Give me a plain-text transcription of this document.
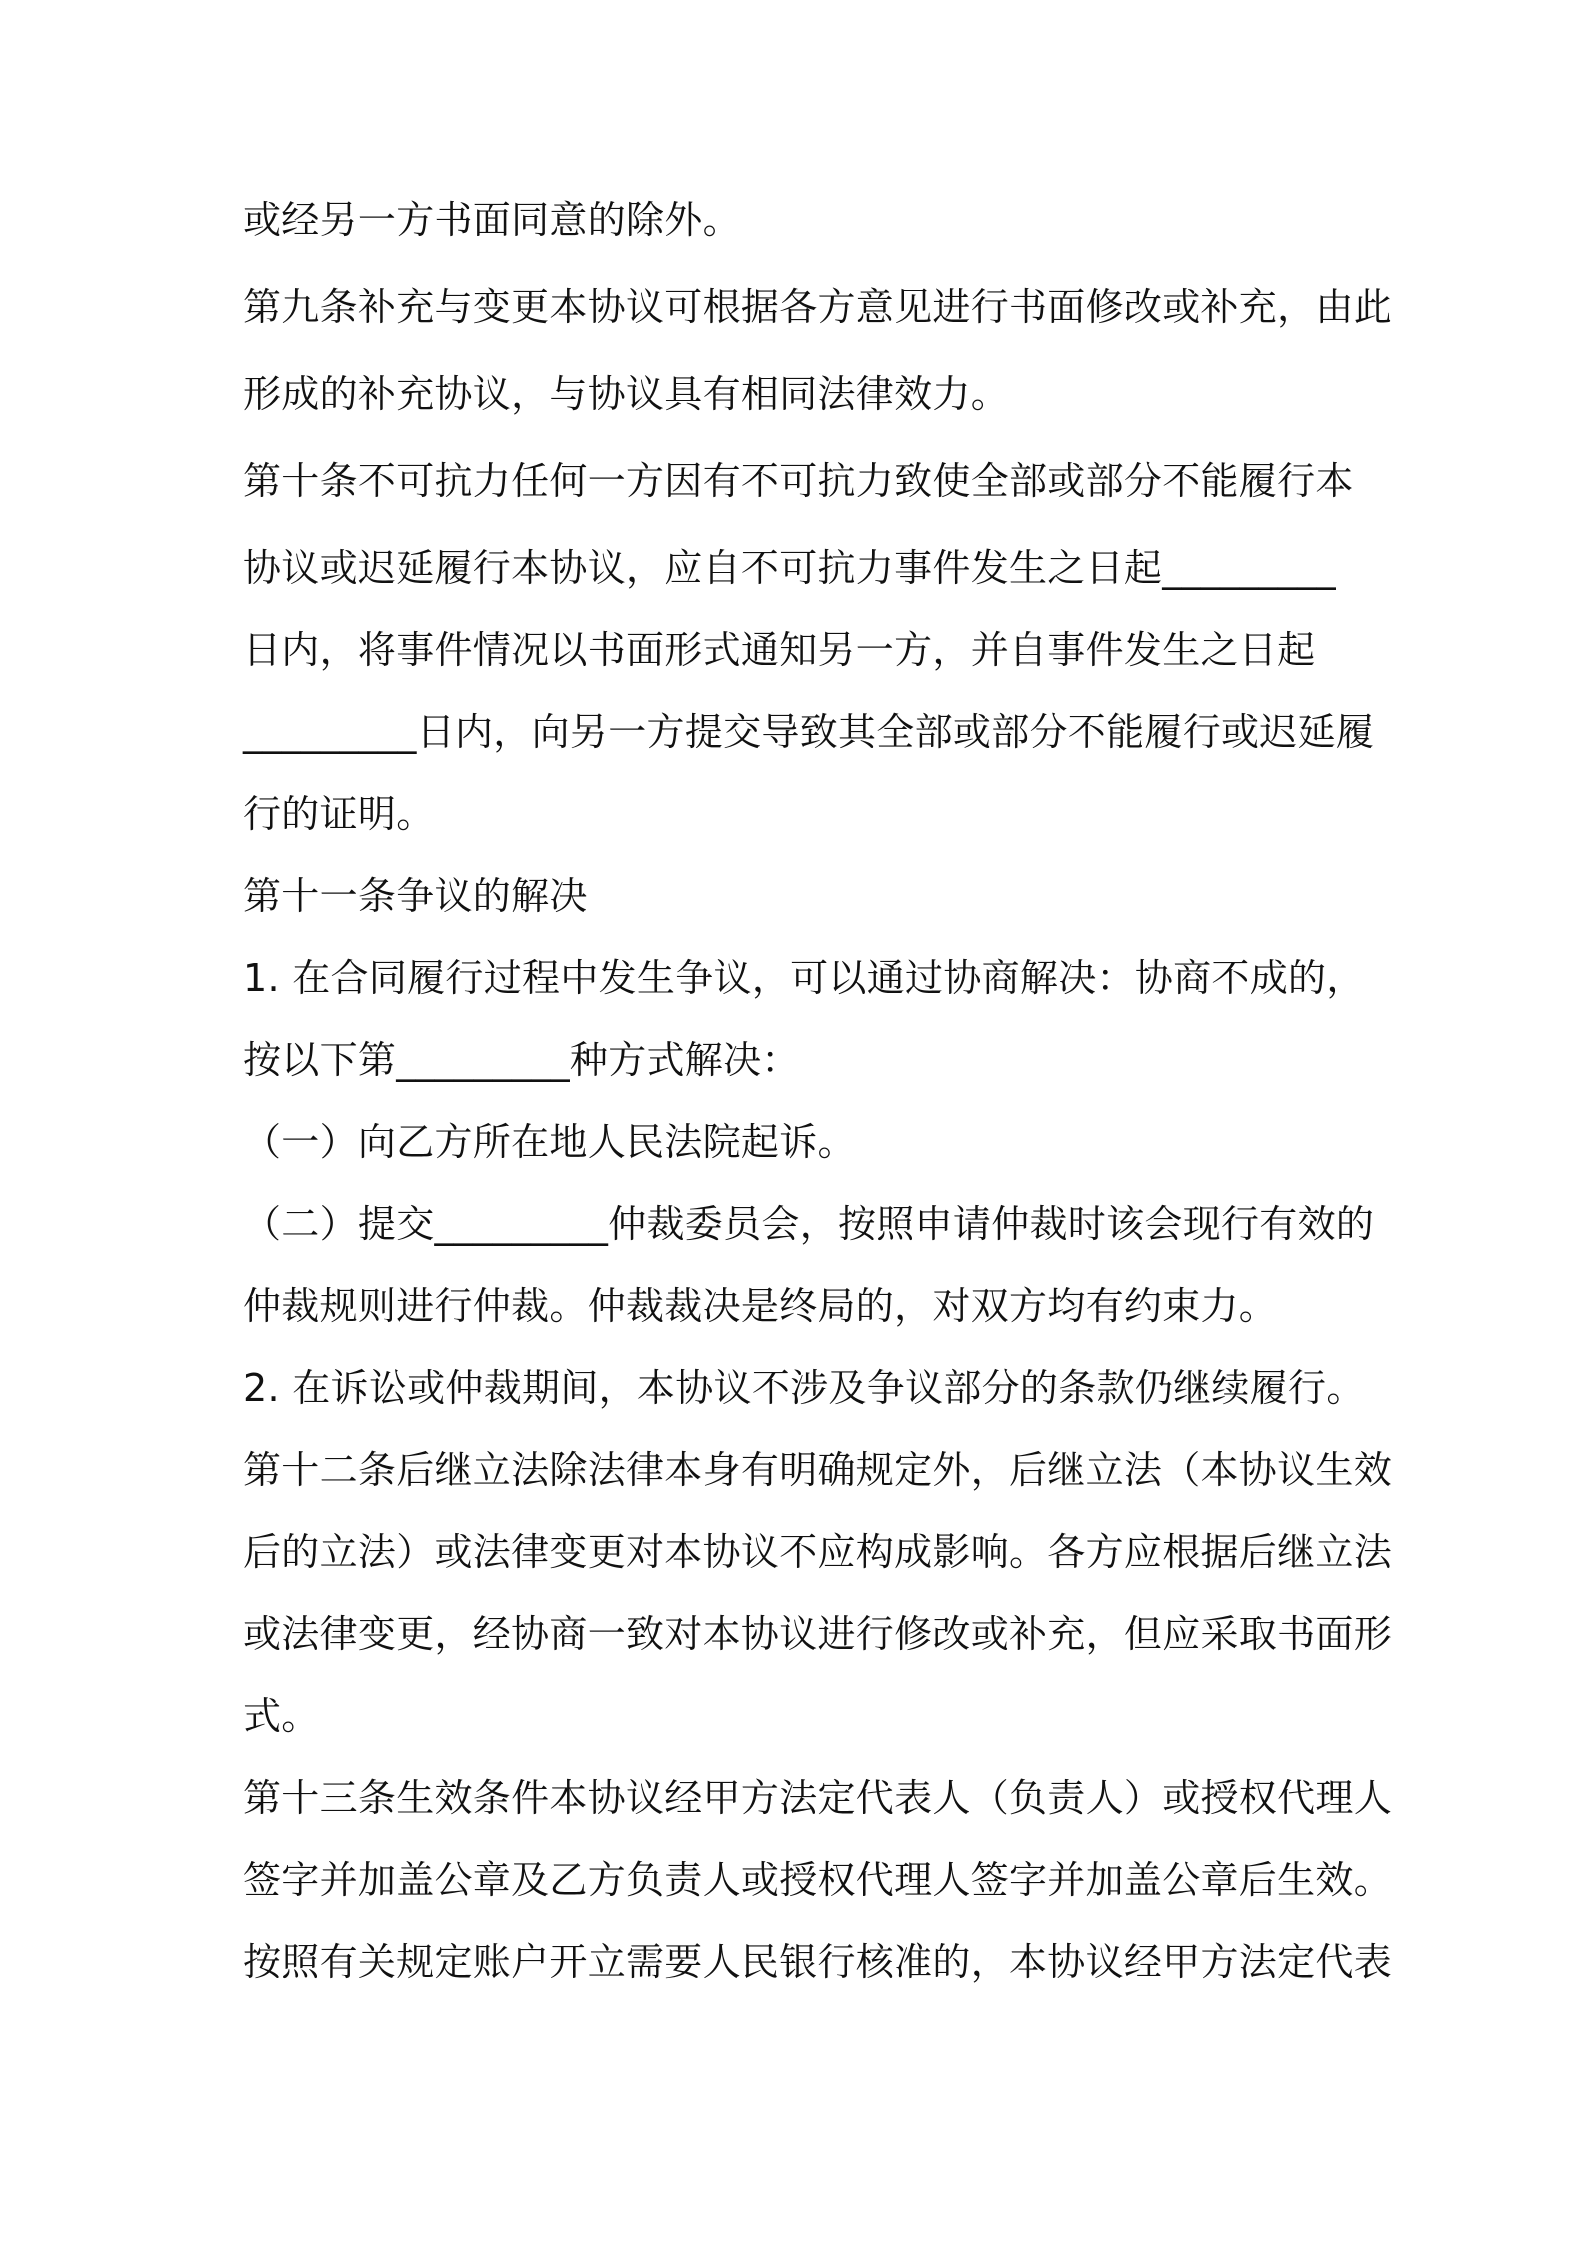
或经另一方书面同意的除外。
第九条补充与变更本协议可根据各方意见进行书面修改或补充，由此
形成的补充协议，与协议具有相同法律效力。
第十条不可抗力任何一方因有不可抗力致使全部或部分不能履行本
协议或迟延履行本协议，应自不可抗力事件发生之日起_________
日内，将事件情况以书面形式通知另一方，并自事件发生之日起
_________日内，向另一方提交导致其全部或部分不能履行或迟延履
行的证明。
第十一条争议的解决
1. 在合同履行过程中发生争议，可以通过协商解决：协商不成的，
按以下第_________种方式解决：
（一）向乙方所在地人民法院起诉。
（二）提交_________仲裁委员会，按照申请仲裁时该会现行有效的
仲裁规则进行仲裁。仲裁裁决是终局的，对双方均有约束力。
2. 在诉讼或仲裁期间，本协议不涉及争议部分的条款仍继续履行。
第十二条后继立法除法律本身有明确规定外，后继立法（本协议生效
后的立法）或法律变更对本协议不应构成影响。各方应根据后继立法
或法律变更，经协商一致对本协议进行修改或补充，但应采取书面形
式。
第十三条生效条件本协议经甲方法定代表人（负责人）或授权代理人
签字并加盖公章及乙方负责人或授权代理人签字并加盖公章后生效。
按照有关规定账户开立需要人民银行核准的，本协议经甲方法定代表
